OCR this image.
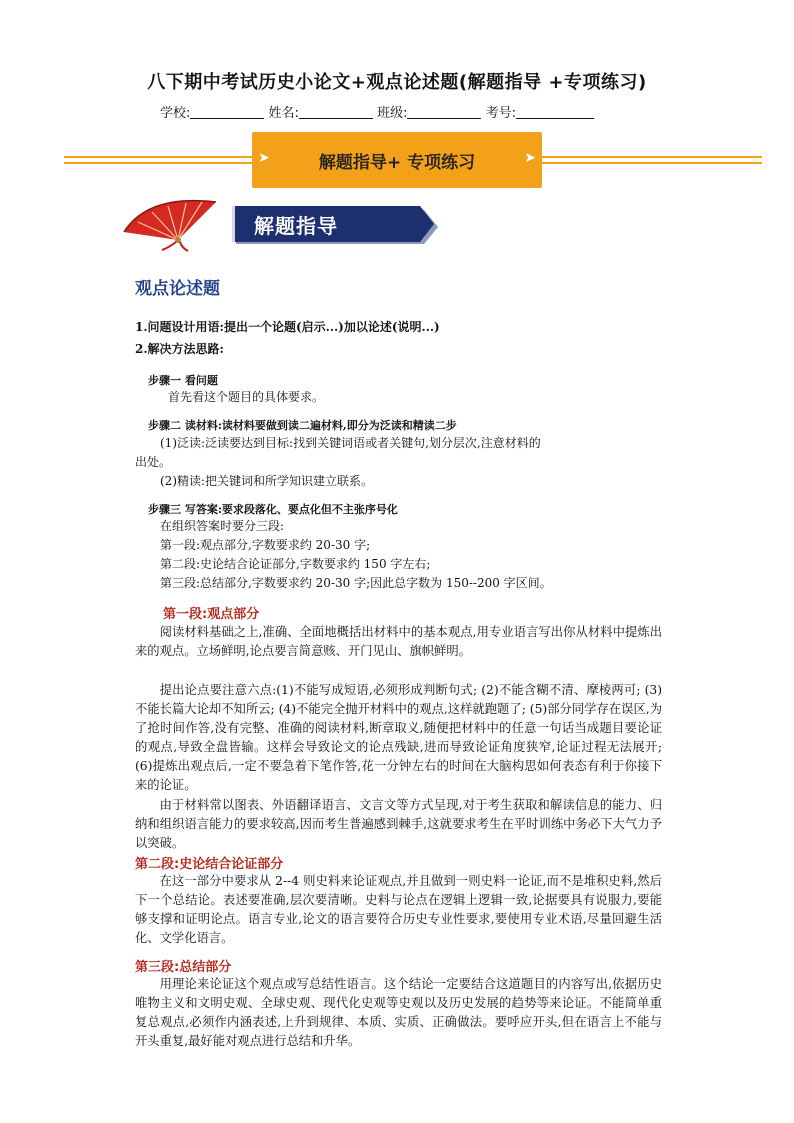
八下期中考试历史小论文+观点论述题(解题指导 +专项练习)
学校:	姓名:	班级:	考号:
➤	解题指导+ 专项练习	➤
解题指导
观点论述题
1.问题设计用语:提出一个论题(启示...)加以论述(说明...)
2.解决方法思路:
步骤一 看问题
首先看这个题目的具体要求。
步骤二 读材料:读材料要做到读二遍材料,即分为泛读和精读二步
(1)泛读:泛读要达到目标:找到关键词语或者关键句,划分层次,注意材料的
出处。
(2)精读:把关键词和所学知识建立联系。
步骤三 写答案:要求段落化、要点化但不主张序号化
在组织答案时要分三段:
第一段:观点部分,字数要求约 20-30 字;
第二段:史论结合论证部分,字数要求约 150 字左右;
第三段:总结部分,字数要求约 20-30 字;因此总字数为 150--200 字区间。
第一段:观点部分
阅读材料基础之上,准确、全面地概括出材料中的基本观点,用专业语言写出你从材料中提炼出来的观点。立场鲜明,论点要言简意赅、开门见山、旗帜鲜明。
提出论点要注意六点:(1)不能写成短语,必须形成判断句式; (2)不能含糊不清、摩棱两可; (3)不能长篇大论却不知所云; (4)不能完全抛开材料中的观点,这样就跑题了; (5)部分同学存在误区,为了抢时间作答,没有完整、准确的阅读材料,断章取义,随便把材料中的任意一句话当成题目要论证的观点,导致全盘皆输。这样会导致论文的论点残缺,进而导致论证角度狭窄,论证过程无法展开; (6)提炼出观点后,一定不要急着下笔作答,花一分钟左右的时间在大脑构思如何表态有利于你接下来的论证。
由于材料常以图表、外语翻译语言、文言文等方式呈现,对于考生获取和解读信息的能力、归纳和组织语言能力的要求较高,因而考生普遍感到棘手,这就要求考生在平时训练中务必下大气力予以突破。
第二段:史论结合论证部分
在这一部分中要求从 2--4 则史料来论证观点,并且做到一则史料一论证,而不是堆积史料,然后下一个总结论。表述要准确,层次要清晰。史料与论点在逻辑上逻辑一致,论据要具有说服力,要能够支撑和证明论点。语言专业,论文的语言要符合历史专业性要求,要使用专业术语,尽量回避生活化、文学化语言。
第三段:总结部分
用理论来论证这个观点或写总结性语言。这个结论一定要结合这道题目的内容写出,依据历史唯物主义和文明史观、全球史观、现代化史观等史观以及历史发展的趋势等来论证。不能简单重复总观点,必须作内涵表述,上升到规律、本质、实质、正确做法。要呼应开头,但在语言上不能与开头重复,最好能对观点进行总结和升华。
